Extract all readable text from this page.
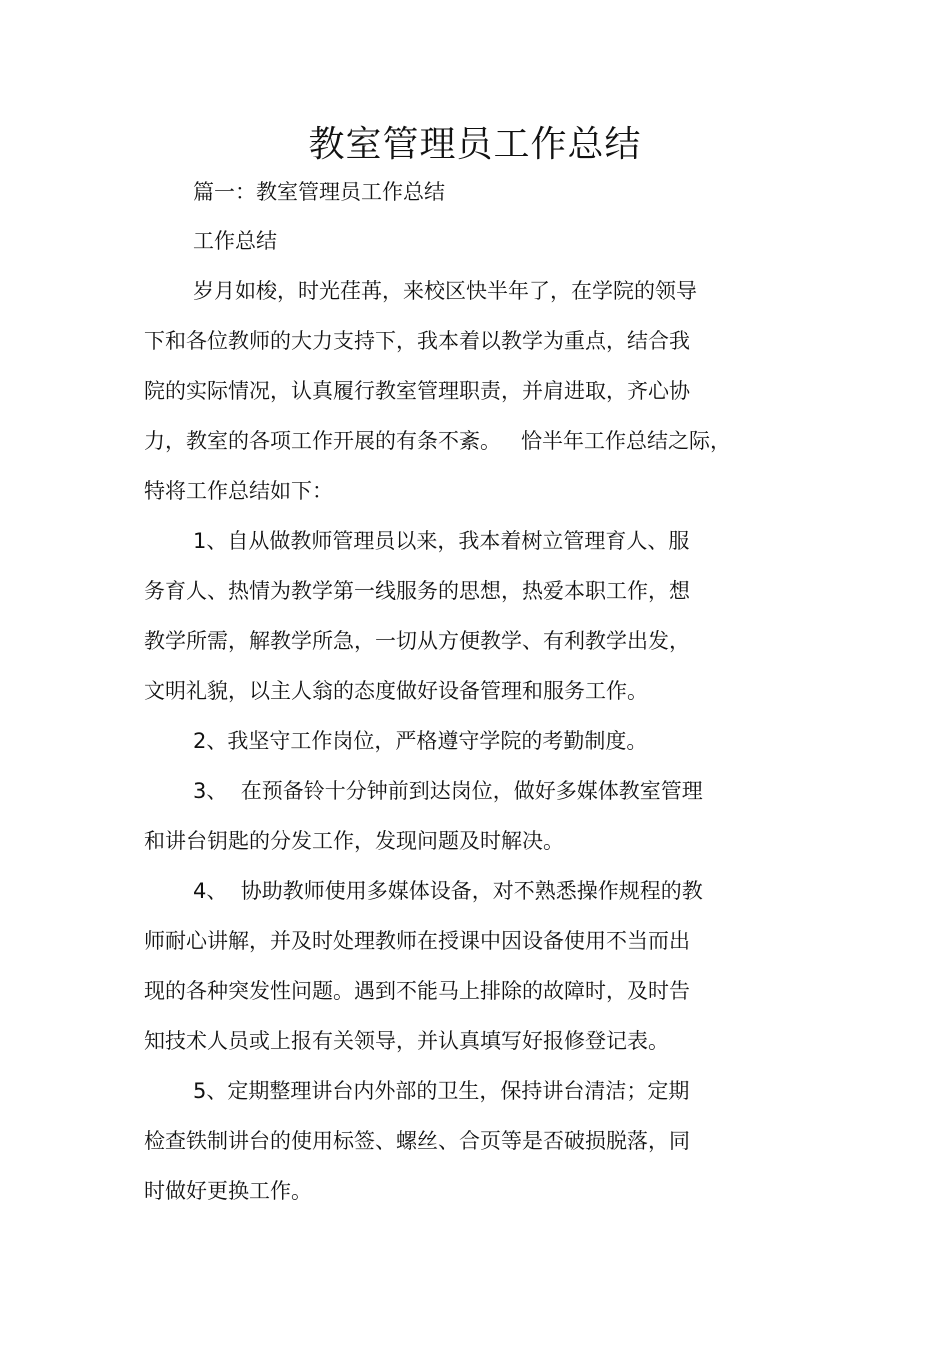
教室管理员工作总结
篇一：教室管理员工作总结
工作总结
岁月如梭，时光荏苒，来校区快半年了，在学院的领导
下和各位教师的大力支持下，我本着以教学为重点，结合我
院的实际情况，认真履行教室管理职责，并肩进取，齐心协
力，教室的各项工作开展的有条不紊。   恰半年工作总结之际，
特将工作总结如下：
1、自从做教师管理员以来，我本着树立管理育人、服
务育人、热情为教学第一线服务的思想，热爱本职工作，想
教学所需，解教学所急，一切从方便教学、有利教学出发，
文明礼貌，以主人翁的态度做好设备管理和服务工作。
2、我坚守工作岗位，严格遵守学院的考勤制度。
3、  在预备铃十分钟前到达岗位，做好多媒体教室管理
和讲台钥匙的分发工作，发现问题及时解决。
4、  协助教师使用多媒体设备，对不熟悉操作规程的教
师耐心讲解，并及时处理教师在授课中因设备使用不当而出
现的各种突发性问题。遇到不能马上排除的故障时，及时告
知技术人员或上报有关领导，并认真填写好报修登记表。
5、定期整理讲台内外部的卫生，保持讲台清洁；定期
检查铁制讲台的使用标签、螺丝、合页等是否破损脱落，同
时做好更换工作。
